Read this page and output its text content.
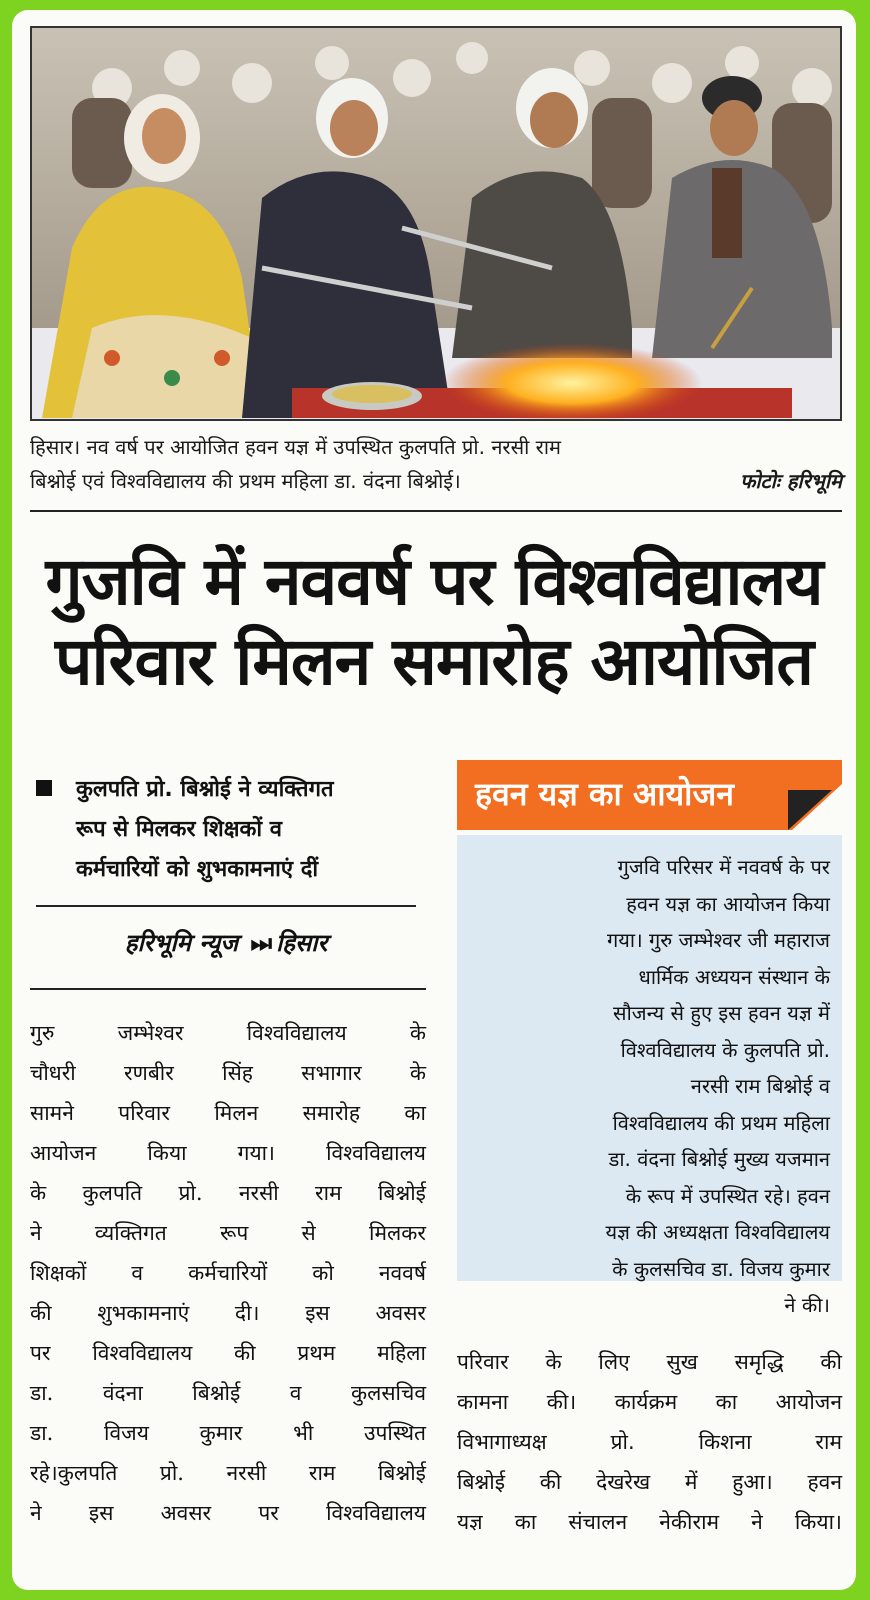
हिसार। नव वर्ष पर आयोजित हवन यज्ञ में उपस्थित कुलपति प्रो. नरसी राम
बिश्नोई एवं विश्वविद्यालय की प्रथम महिला डा. वंदना बिश्नोई।	फोटोः हरिभूमि
गुजवि में नववर्ष पर विश्वविद्यालय
परिवार मिलन समारोह आयोजित
कुलपति प्रो. बिश्नोई ने व्यक्तिगत
रूप से मिलकर शिक्षकों व
कर्मचारियों को शुभकामनाएं दीं
हरिभूमि न्यूज ⏭ हिसार
गुरु जम्भेश्वर विश्वविद्यालय के
चौधरी रणबीर सिंह सभागार के
सामने परिवार मिलन समारोह का
आयोजन किया गया। विश्वविद्यालय
के कुलपति प्रो. नरसी राम बिश्नोई
ने व्यक्तिगत रूप से मिलकर
शिक्षकों व कर्मचारियों को नववर्ष
की शुभकामनाएं दी। इस अवसर
पर विश्वविद्यालय की प्रथम महिला
डा. वंदना बिश्नोई व कुलसचिव
डा. विजय कुमार भी उपस्थित
रहे।कुलपति प्रो. नरसी राम बिश्नोई
ने इस अवसर पर विश्वविद्यालय
हवन यज्ञ का आयोजन
गुजवि परिसर में नववर्ष के पर
हवन यज्ञ का आयोजन किया
गया। गुरु जम्भेश्वर जी महाराज
धार्मिक अध्ययन संस्थान के
सौजन्य से हुए इस हवन यज्ञ में
विश्वविद्यालय के कुलपति प्रो.
नरसी राम बिश्नोई व
विश्वविद्यालय की प्रथम महिला
डा. वंदना बिश्नोई मुख्य यजमान
के रूप में उपस्थित रहे। हवन
यज्ञ की अध्यक्षता विश्वविद्यालय
के कुलसचिव डा. विजय कुमार
ने की।
परिवार के लिए सुख समृद्धि की
कामना की। कार्यक्रम का आयोजन
विभागाध्यक्ष प्रो. किशना राम
बिश्नोई की देखरेख में हुआ। हवन
यज्ञ का संचालन नेकीराम ने किया।
